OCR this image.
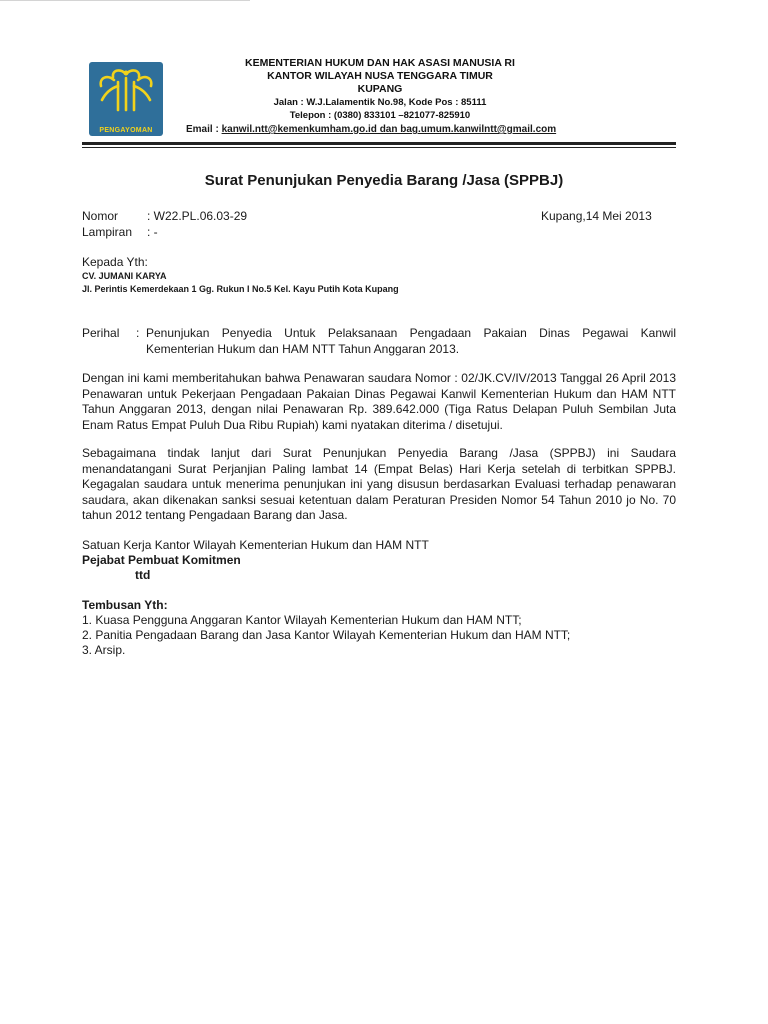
PENGAYOMAN
KEMENTERIAN HUKUM DAN HAK ASASI MANUSIA RI
KANTOR WILAYAH NUSA TENGGARA TIMUR
KUPANG
Jalan : W.J.Lalamentik No.98, Kode Pos : 85111
Telepon : (0380) 833101 –821077-825910
Email : kanwil.ntt@kemenkumham.go.id dan bag.umum.kanwilntt@gmail.com
Surat Penunjukan Penyedia Barang /Jasa (SPPBJ)
Nomor : W22.PL.06.03-29
Lampiran : -
Kupang,14 Mei 2013
Kepada Yth:
CV. JUMANI KARYA
Jl. Perintis Kemerdekaan 1 Gg. Rukun I No.5 Kel. Kayu Putih Kota Kupang
Perihal : Penunjukan Penyedia Untuk Pelaksanaan Pengadaan Pakaian Dinas Pegawai Kanwil
Kementerian Hukum dan HAM NTT Tahun Anggaran 2013.
Dengan ini kami memberitahukan bahwa Penawaran saudara Nomor : 02/JK.CV/IV/2013 Tanggal 26 April 2013 Penawaran untuk Pekerjaan Pengadaan Pakaian Dinas Pegawai Kanwil Kementerian Hukum dan HAM NTT Tahun Anggaran 2013, dengan nilai Penawaran Rp. 389.642.000 (Tiga Ratus Delapan Puluh Sembilan Juta Enam Ratus Empat Puluh Dua Ribu Rupiah) kami nyatakan diterima / disetujui.
Sebagaimana tindak lanjut dari Surat Penunjukan Penyedia Barang /Jasa (SPPBJ) ini Saudara menandatangani Surat Perjanjian Paling lambat 14 (Empat Belas) Hari Kerja setelah di terbitkan SPPBJ. Kegagalan saudara untuk menerima penunjukan ini yang disusun berdasarkan Evaluasi terhadap penawaran saudara, akan dikenakan sanksi sesuai ketentuan dalam Peraturan Presiden Nomor 54 Tahun 2010 jo No. 70 tahun 2012 tentang Pengadaan Barang dan Jasa.
Satuan Kerja Kantor Wilayah Kementerian Hukum dan HAM NTT
Pejabat Pembuat Komitmen
ttd
Tembusan Yth:
1. Kuasa Pengguna Anggaran Kantor Wilayah Kementerian Hukum dan HAM NTT;
2. Panitia Pengadaan Barang dan Jasa Kantor Wilayah Kementerian Hukum dan HAM NTT;
3. Arsip.
